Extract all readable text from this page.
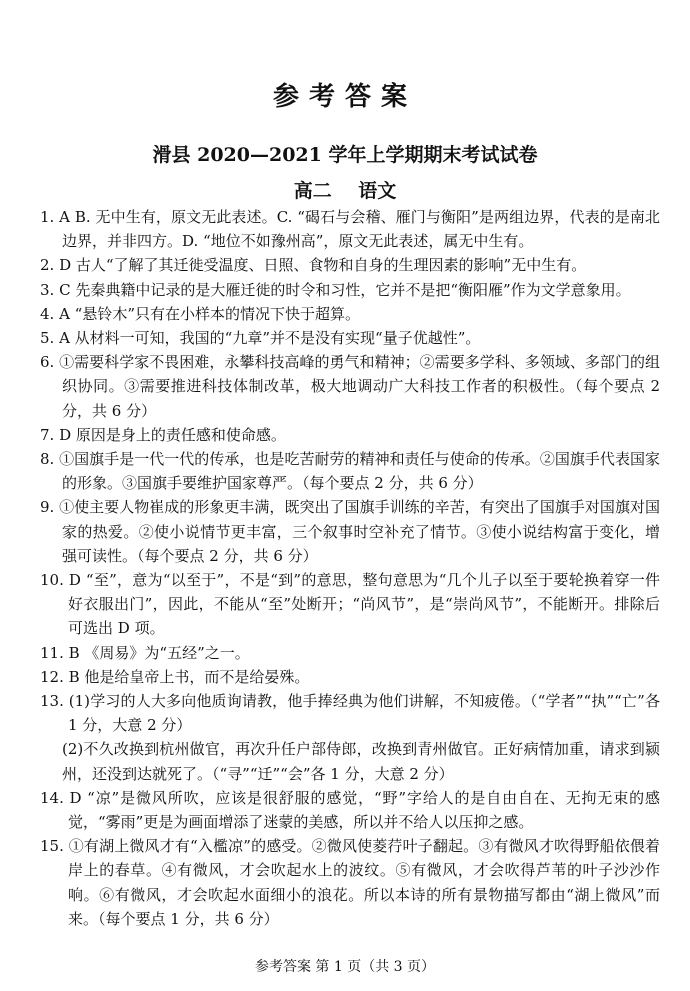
参考答案
滑县 2020—2021 学年上学期期末考试试卷
高二    语文
1. A B. 无中生有，原文无此表述。C. “碣石与会稽、雁门与衡阳”是两组边界，代表的是南北边界，并非四方。D. “地位不如豫州高”，原文无此表述，属无中生有。
2. D 古人“了解了其迁徙受温度、日照、食物和自身的生理因素的影响”无中生有。
3. C 先秦典籍中记录的是大雁迁徙的时令和习性，它并不是把“衡阳雁”作为文学意象用。
4. A “悬铃木”只有在小样本的情况下快于超算。
5. A 从材料一可知，我国的“九章”并不是没有实现“量子优越性”。
6. ①需要科学家不畏困难，永攀科技高峰的勇气和精神；②需要多学科、多领域、多部门的组织协同。③需要推进科技体制改革，极大地调动广大科技工作者的积极性。（每个要点 2 分，共 6 分）
7. D 原因是身上的责任感和使命感。
8. ①国旗手是一代一代的传承，也是吃苦耐劳的精神和责任与使命的传承。②国旗手代表国家的形象。③国旗手要维护国家尊严。（每个要点 2 分，共 6 分）
9. ①使主要人物崔成的形象更丰满，既突出了国旗手训练的辛苦，有突出了国旗手对国旗对国家的热爱。②使小说情节更丰富，三个叙事时空补充了情节。③使小说结构富于变化，增强可读性。（每个要点 2 分，共 6 分）
10. D “至”，意为“以至于”，不是“到”的意思，整句意思为“几个儿子以至于要轮换着穿一件好衣服出门”，因此，不能从“至”处断开；“尚风节”，是“崇尚风节”，不能断开。排除后可选出 D 项。
11. B 《周易》为“五经”之一。
12. B 他是给皇帝上书，而不是给晏殊。
13. (1)学习的人大多向他质询请教，他手捧经典为他们讲解，不知疲倦。（“学者”“执”“亡”各 1 分，大意 2 分）
(2)不久改换到杭州做官，再次升任户部侍郎，改换到青州做官。正好病情加重，请求到颍州，还没到达就死了。（“寻”“迁”“会”各 1 分，大意 2 分）
14. D “凉”是微风所吹，应该是很舒服的感觉，“野”字给人的是自由自在、无拘无束的感觉，“雾雨”更是为画面增添了迷蒙的美感，所以并不给人以压抑之感。
15. ①有湖上微风才有“入檻凉”的感受。②微风使菱荇叶子翻起。③有微风才吹得野船依偎着岸上的春草。④有微风，才会吹起水上的波纹。⑤有微风，才会吹得芦苇的叶子沙沙作响。⑥有微风，才会吹起水面细小的浪花。所以本诗的所有景物描写都由“湖上微风”而来。（每个要点 1 分，共 6 分）
参考答案 第 1 页（共 3 页）
